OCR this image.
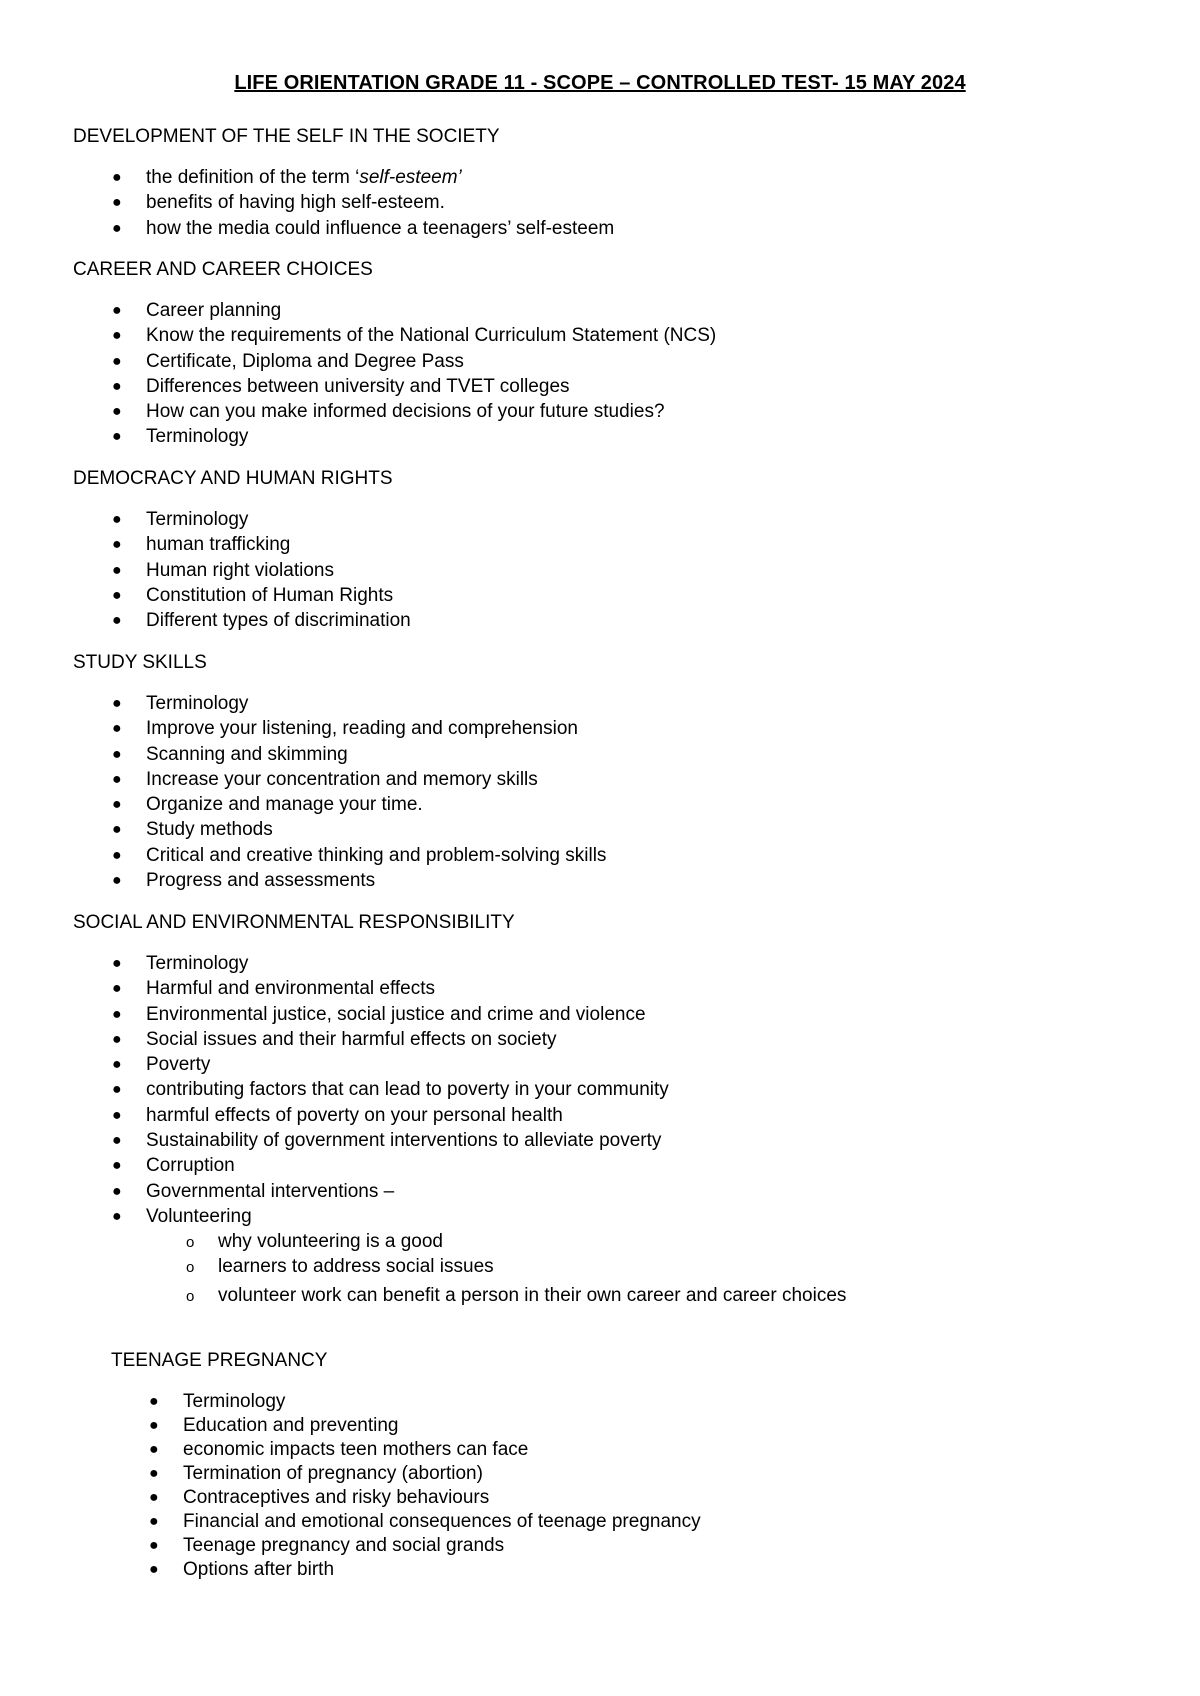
LIFE ORIENTATION GRADE 11 - SCOPE – CONTROLLED TEST- 15 MAY 2024
DEVELOPMENT OF THE SELF IN THE SOCIETY
● the definition of the term ‘self-esteem’
● benefits of having high self-esteem.
● how the media could influence a teenagers’ self-esteem
CAREER AND CAREER CHOICES
● Career planning
● Know the requirements of the National Curriculum Statement (NCS)
● Certificate, Diploma and Degree Pass
● Differences between university and TVET colleges
● How can you make informed decisions of your future studies?
● Terminology
DEMOCRACY AND HUMAN RIGHTS
● Terminology
● human trafficking
● Human right violations
● Constitution of Human Rights
● Different types of discrimination
STUDY SKILLS
● Terminology
● Improve your listening, reading and comprehension
● Scanning and skimming
● Increase your concentration and memory skills
● Organize and manage your time.
● Study methods
● Critical and creative thinking and problem-solving skills
● Progress and assessments
SOCIAL AND ENVIRONMENTAL RESPONSIBILITY
● Terminology
● Harmful and environmental effects
● Environmental justice, social justice and crime and violence
● Social issues and their harmful effects on society
● Poverty
● contributing factors that can lead to poverty in your community
● harmful effects of poverty on your personal health
● Sustainability of government interventions to alleviate poverty
● Corruption
● Governmental interventions –
● Volunteering
o why volunteering is a good
o learners to address social issues
o volunteer work can benefit a person in their own career and career choices
TEENAGE PREGNANCY
● Terminology
● Education and preventing
● economic impacts teen mothers can face
● Termination of pregnancy (abortion)
● Contraceptives and risky behaviours
● Financial and emotional consequences of teenage pregnancy
● Teenage pregnancy and social grands
● Options after birth
